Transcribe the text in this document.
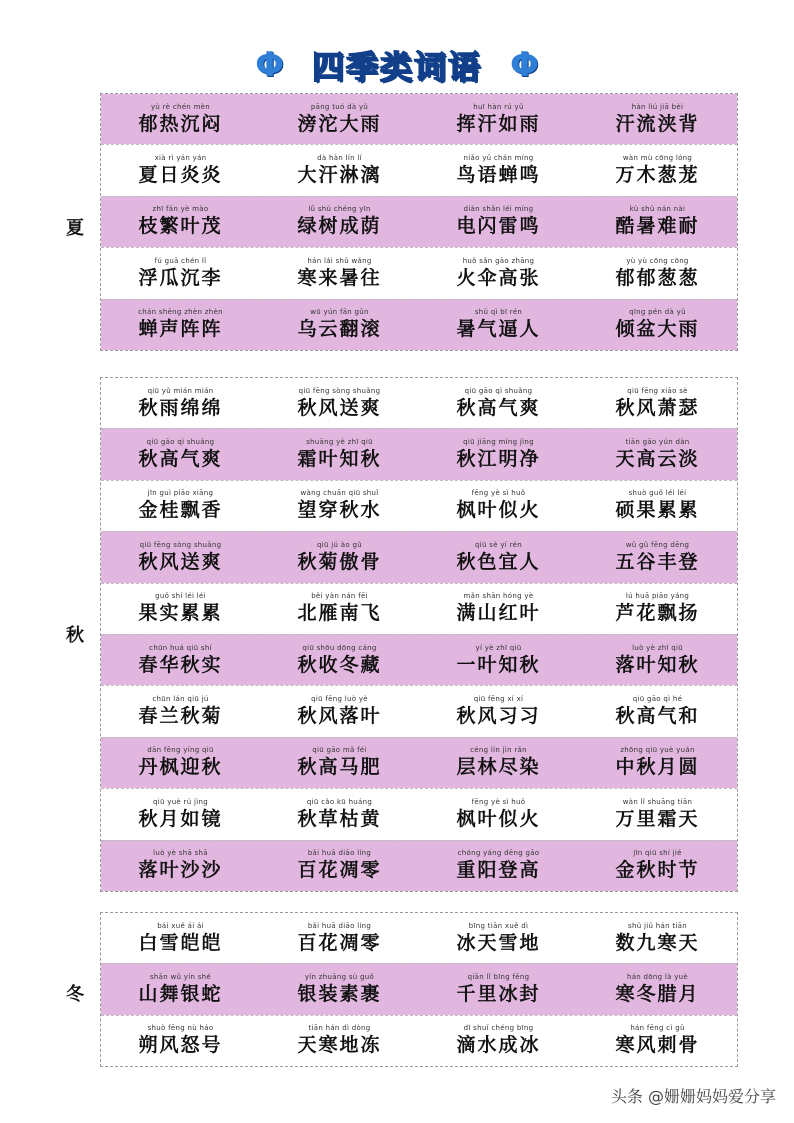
Φ 四季类词语 Φ
夏
yù rè chén mèn
郁热沉闷
pāng tuó dà yǔ
滂沱大雨
huī hàn rú yǔ
挥汗如雨
hàn liú jiā bèi
汗流浃背
xià rì yán yán
夏日炎炎
dà hàn lín lí
大汗淋漓
niǎo yǔ chán míng
鸟语蝉鸣
wàn mù cōng lóng
万木葱茏
zhī fán yè mào
枝繁叶茂
lǜ shù chéng yīn
绿树成荫
diàn shǎn léi míng
电闪雷鸣
kù shǔ nán nài
酷暑难耐
fú guā chén lǐ
浮瓜沉李
hán lái shǔ wǎng
寒来暑往
huǒ sǎn gāo zhāng
火伞高张
yù yù cōng cōng
郁郁葱葱
chán shēng zhèn zhèn
蝉声阵阵
wū yún fān gǔn
乌云翻滚
shǔ qì bī rén
暑气逼人
qīng pén dà yǔ
倾盆大雨
秋
qiū yǔ mián mián
秋雨绵绵
qiū fēng sòng shuǎng
秋风送爽
qiū gāo qì shuǎng
秋高气爽
qiū fēng xiāo sè
秋风萧瑟
qiū gāo qì shuǎng
秋高气爽
shuāng yè zhī qiū
霜叶知秋
qiū jiāng míng jìng
秋江明净
tiān gāo yún dàn
天高云淡
jīn guì piāo xiāng
金桂飘香
wàng chuān qiū shuǐ
望穿秋水
fēng yè sì huǒ
枫叶似火
shuò guǒ léi léi
硕果累累
qiū fēng sòng shuǎng
秋风送爽
qiū jú ào gǔ
秋菊傲骨
qiū sè yí rén
秋色宜人
wǔ gǔ fēng dēng
五谷丰登
guǒ shí léi léi
果实累累
běi yàn nán fēi
北雁南飞
mǎn shān hóng yè
满山红叶
lú huā piāo yáng
芦花飘扬
chūn huá qiū shí
春华秋实
qiū shōu dōng cáng
秋收冬藏
yí yè zhī qiū
一叶知秋
luò yè zhī qiū
落叶知秋
chūn lán qiū jú
春兰秋菊
qiū fēng luò yè
秋风落叶
qiū fēng xí xí
秋风习习
qiū gāo qì hé
秋高气和
dān fēng yíng qiū
丹枫迎秋
qiū gāo mǎ féi
秋高马肥
céng lín jìn rǎn
层林尽染
zhōng qiū yuè yuán
中秋月圆
qiū yuè rú jìng
秋月如镜
qiū cǎo kū huáng
秋草枯黄
fēng yè sì huǒ
枫叶似火
wàn lǐ shuāng tiān
万里霜天
luò yè shā shā
落叶沙沙
bǎi huā diāo líng
百花凋零
chóng yáng dēng gāo
重阳登高
jīn qiū shí jié
金秋时节
冬
bái xuě ái ái
白雪皑皑
bǎi huā diāo líng
百花凋零
bīng tiān xuě dì
冰天雪地
shǔ jiǔ hán tiān
数九寒天
shān wǔ yín shé
山舞银蛇
yín zhuāng sù guǒ
银装素裹
qiān lǐ bīng fēng
千里冰封
hán dōng là yuè
寒冬腊月
shuò fēng nù háo
朔风怒号
tiān hán dì dòng
天寒地冻
dī shuǐ chéng bīng
滴水成冰
hán fēng cì gǔ
寒风刺骨
头条 @姗姗妈妈爱分享
